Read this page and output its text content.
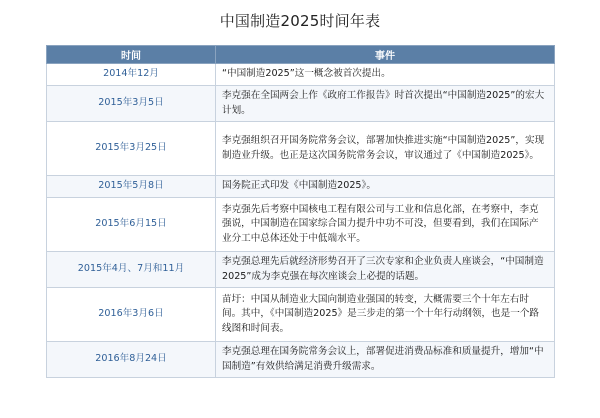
中国制造2025时间年表
时间	事件
2014年12月	“中国制造2025”这一概念被首次提出。
2015年3月5日	李克强在全国两会上作《政府工作报告》时首次提出“中国制造2025”的宏大计划。
2015年3月25日	李克强组织召开国务院常务会议，部署加快推进实施“中国制造2025”，实现制造业升级。也正是这次国务院常务会议，审议通过了《中国制造2025》。
2015年5月8日	国务院正式印发《中国制造2025》。
2015年6月15日	李克强先后考察中国核电工程有限公司与工业和信息化部，在考察中，李克强说，中国制造在国家综合国力提升中功不可没，但要看到，我们在国际产业分工中总体还处于中低端水平。
2015年4月、7月和11月	李克强总理先后就经济形势召开了三次专家和企业负责人座谈会，“中国制造2025”成为李克强在每次座谈会上必提的话题。
2016年3月6日	苗圩：中国从制造业大国向制造业强国的转变，大概需要三个十年左右时间。其中，《中国制造2025》是三步走的第一个十年行动纲领，也是一个路线图和时间表。
2016年8月24日	李克强总理在国务院常务会议上，部署促进消费品标准和质量提升，增加“中国制造”有效供给满足消费升级需求。
